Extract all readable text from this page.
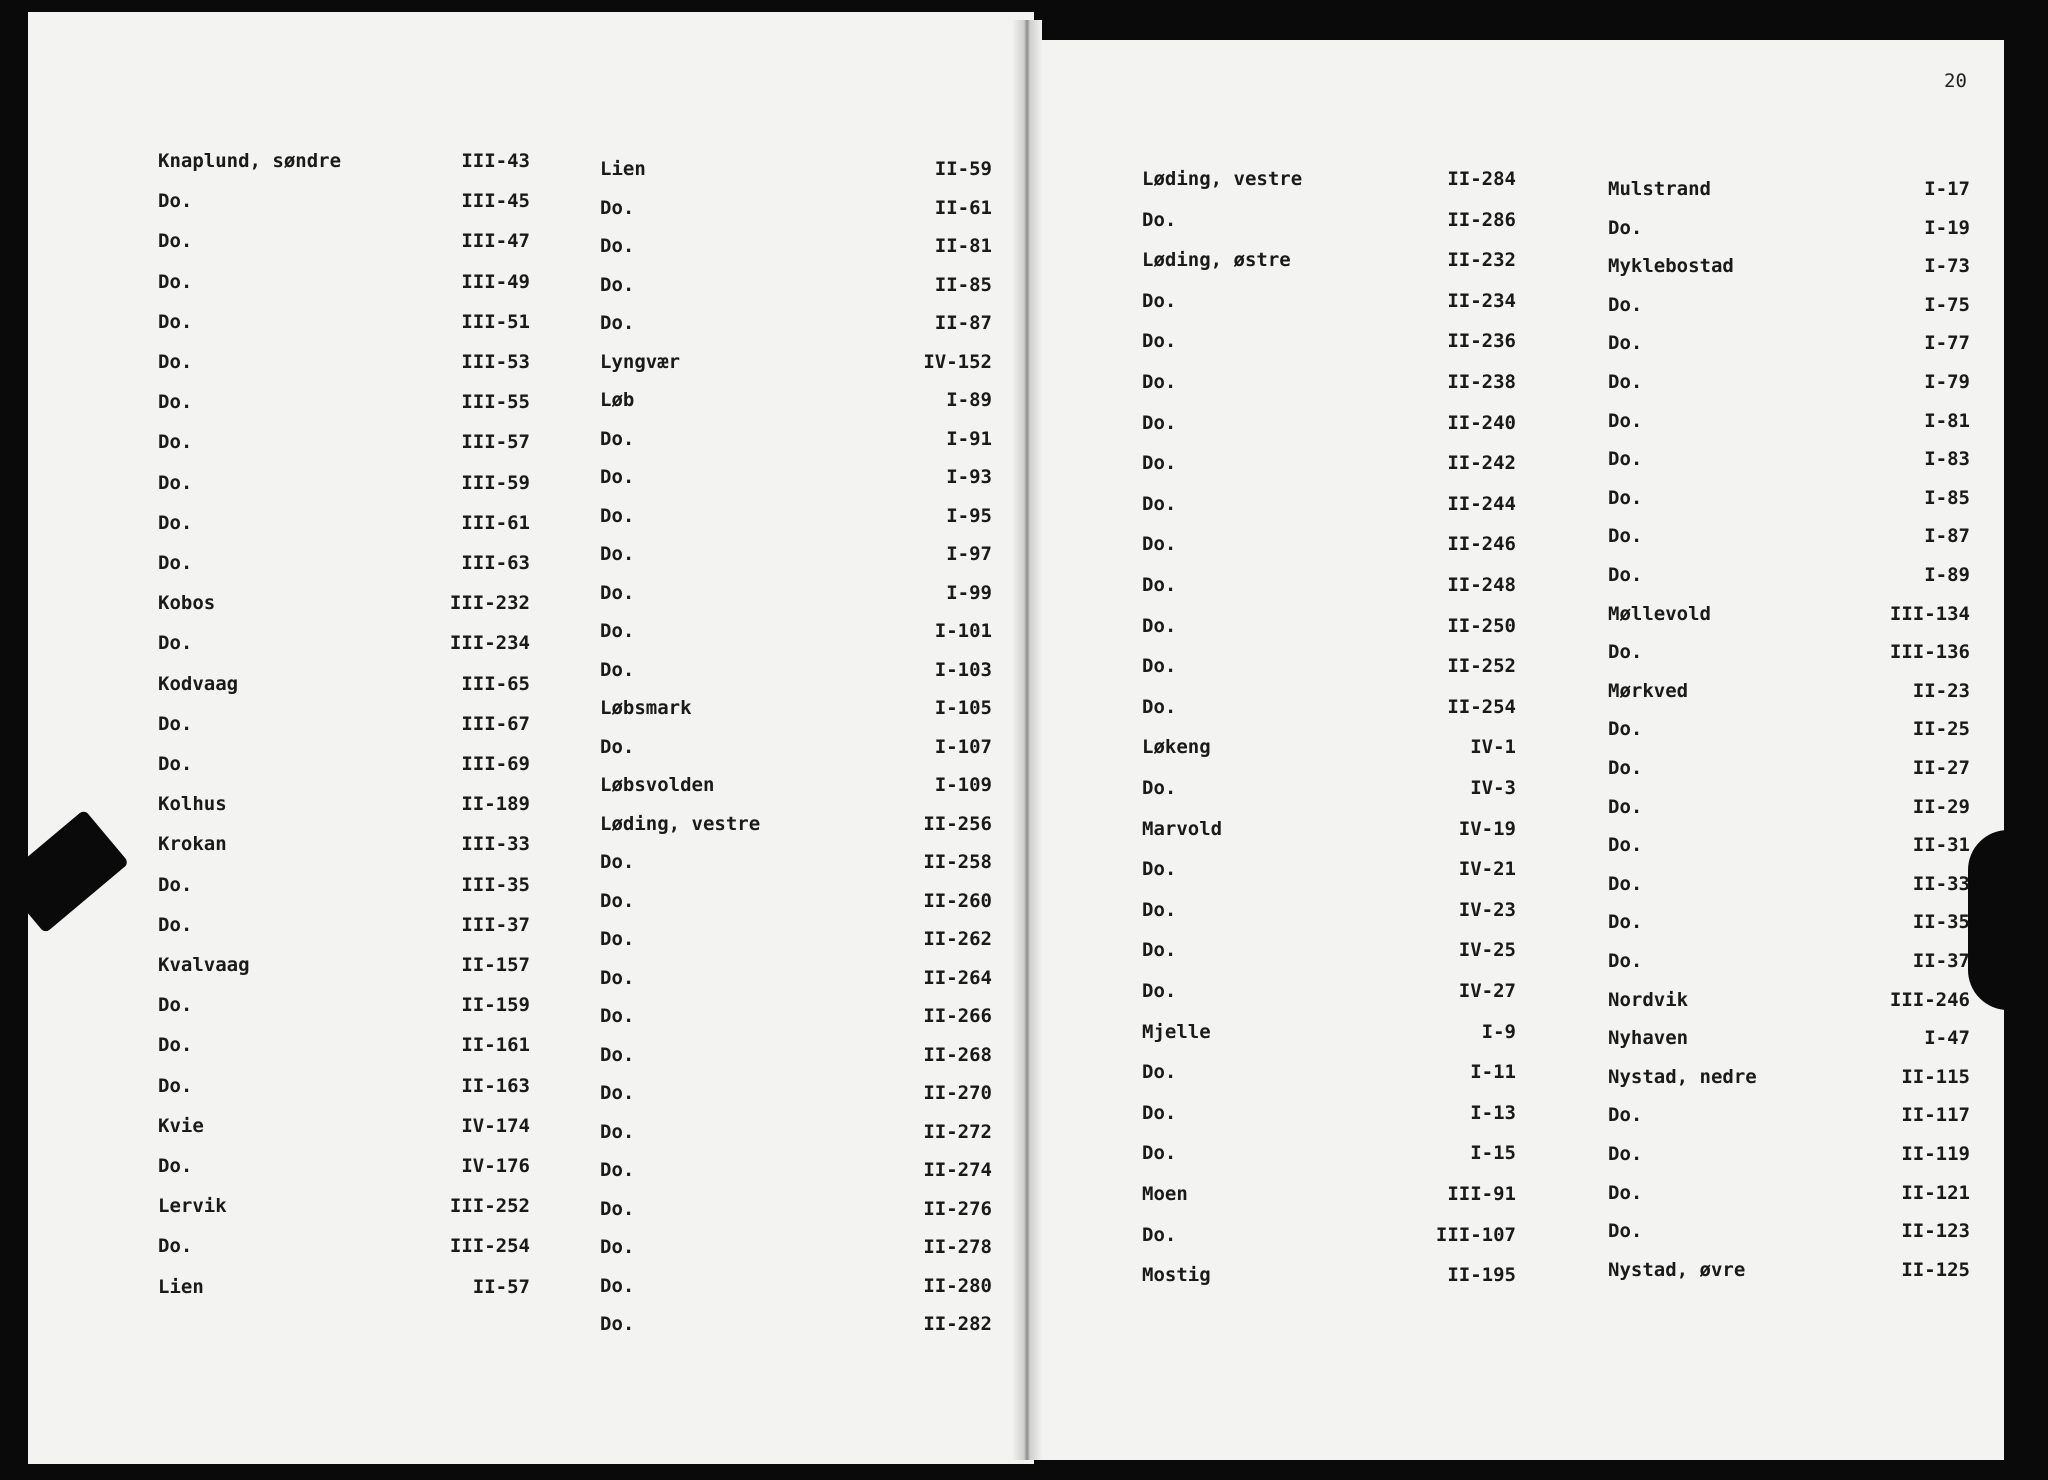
20
Knaplund, søndre	III-43
Do.	III-45
Do.	III-47
Do.	III-49
Do.	III-51
Do.	III-53
Do.	III-55
Do.	III-57
Do.	III-59
Do.	III-61
Do.	III-63
Kobos	III-232
Do.	III-234
Kodvaag	III-65
Do.	III-67
Do.	III-69
Kolhus	II-189
Krokan	III-33
Do.	III-35
Do.	III-37
Kvalvaag	II-157
Do.	II-159
Do.	II-161
Do.	II-163
Kvie	IV-174
Do.	IV-176
Lervik	III-252
Do.	III-254
Lien	II-57
Lien	II-59
Do.	II-61
Do.	II-81
Do.	II-85
Do.	II-87
Lyngvær	IV-152
Løb	I-89
Do.	I-91
Do.	I-93
Do.	I-95
Do.	I-97
Do.	I-99
Do.	I-101
Do.	I-103
Løbsmark	I-105
Do.	I-107
Løbsvolden	I-109
Løding, vestre	II-256
Do.	II-258
Do.	II-260
Do.	II-262
Do.	II-264
Do.	II-266
Do.	II-268
Do.	II-270
Do.	II-272
Do.	II-274
Do.	II-276
Do.	II-278
Do.	II-280
Do.	II-282
Løding, vestre	II-284
Do.	II-286
Løding, østre	II-232
Do.	II-234
Do.	II-236
Do.	II-238
Do.	II-240
Do.	II-242
Do.	II-244
Do.	II-246
Do.	II-248
Do.	II-250
Do.	II-252
Do.	II-254
Løkeng	IV-1
Do.	IV-3
Marvold	IV-19
Do.	IV-21
Do.	IV-23
Do.	IV-25
Do.	IV-27
Mjelle	I-9
Do.	I-11
Do.	I-13
Do.	I-15
Moen	III-91
Do.	III-107
Mostig	II-195
Mulstrand	I-17
Do.	I-19
Myklebostad	I-73
Do.	I-75
Do.	I-77
Do.	I-79
Do.	I-81
Do.	I-83
Do.	I-85
Do.	I-87
Do.	I-89
Møllevold	III-134
Do.	III-136
Mørkved	II-23
Do.	II-25
Do.	II-27
Do.	II-29
Do.	II-31
Do.	II-33
Do.	II-35
Do.	II-37
Nordvik	III-246
Nyhaven	I-47
Nystad, nedre	II-115
Do.	II-117
Do.	II-119
Do.	II-121
Do.	II-123
Nystad, øvre	II-125
